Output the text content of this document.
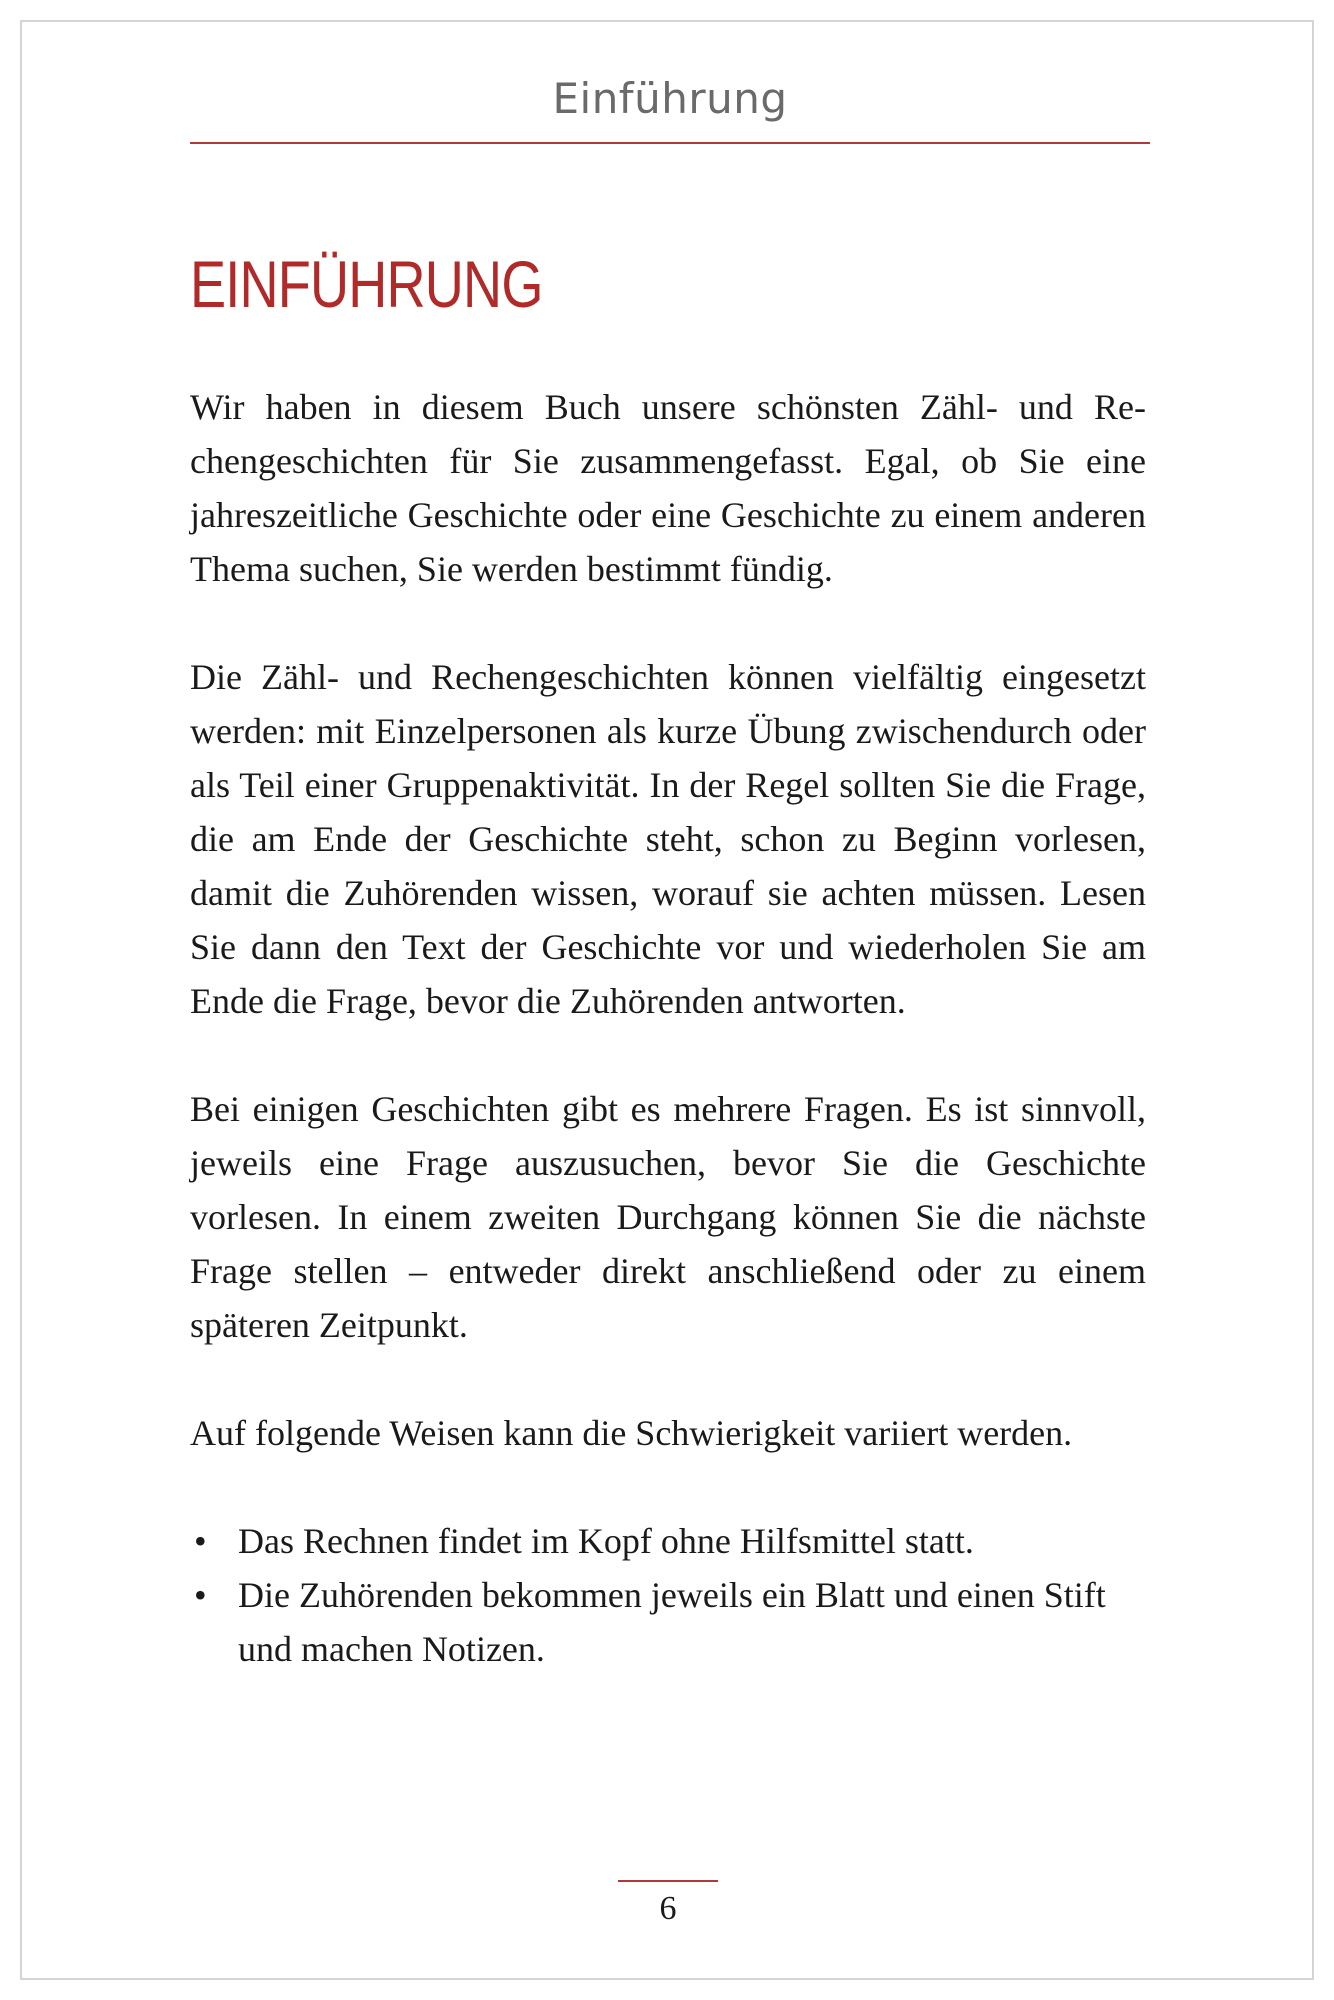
Einführung
EINFÜHRUNG

Wir haben in diesem Buch unsere schönsten Zähl- und Rechengeschichten für Sie zusammengefasst. Egal, ob Sie eine jahreszeitliche Geschichte oder eine Geschichte zu einem anderen Thema suchen, Sie werden bestimmt fündig.

Die Zähl- und Rechengeschichten können vielfältig eingesetzt werden: mit Einzelpersonen als kurze Übung zwischendurch oder als Teil einer Gruppenaktivität. In der Regel sollten Sie die Frage, die am Ende der Geschichte steht, schon zu Beginn vorlesen, damit die Zuhörenden wissen, worauf sie achten müssen. Lesen Sie dann den Text der Geschichte vor und wiederholen Sie am Ende die Frage, bevor die Zuhörenden antworten.

Bei einigen Geschichten gibt es mehrere Fragen. Es ist sinnvoll, jeweils eine Frage auszusuchen, bevor Sie die Geschichte vorlesen. In einem zweiten Durchgang können Sie die nächste Frage stellen – entweder direkt anschließend oder zu einem späteren Zeitpunkt.

Auf folgende Weisen kann die Schwierigkeit variiert werden.

• Das Rechnen findet im Kopf ohne Hilfsmittel statt.
• Die Zuhörenden bekommen jeweils ein Blatt und einen Stift und machen Notizen.
6
